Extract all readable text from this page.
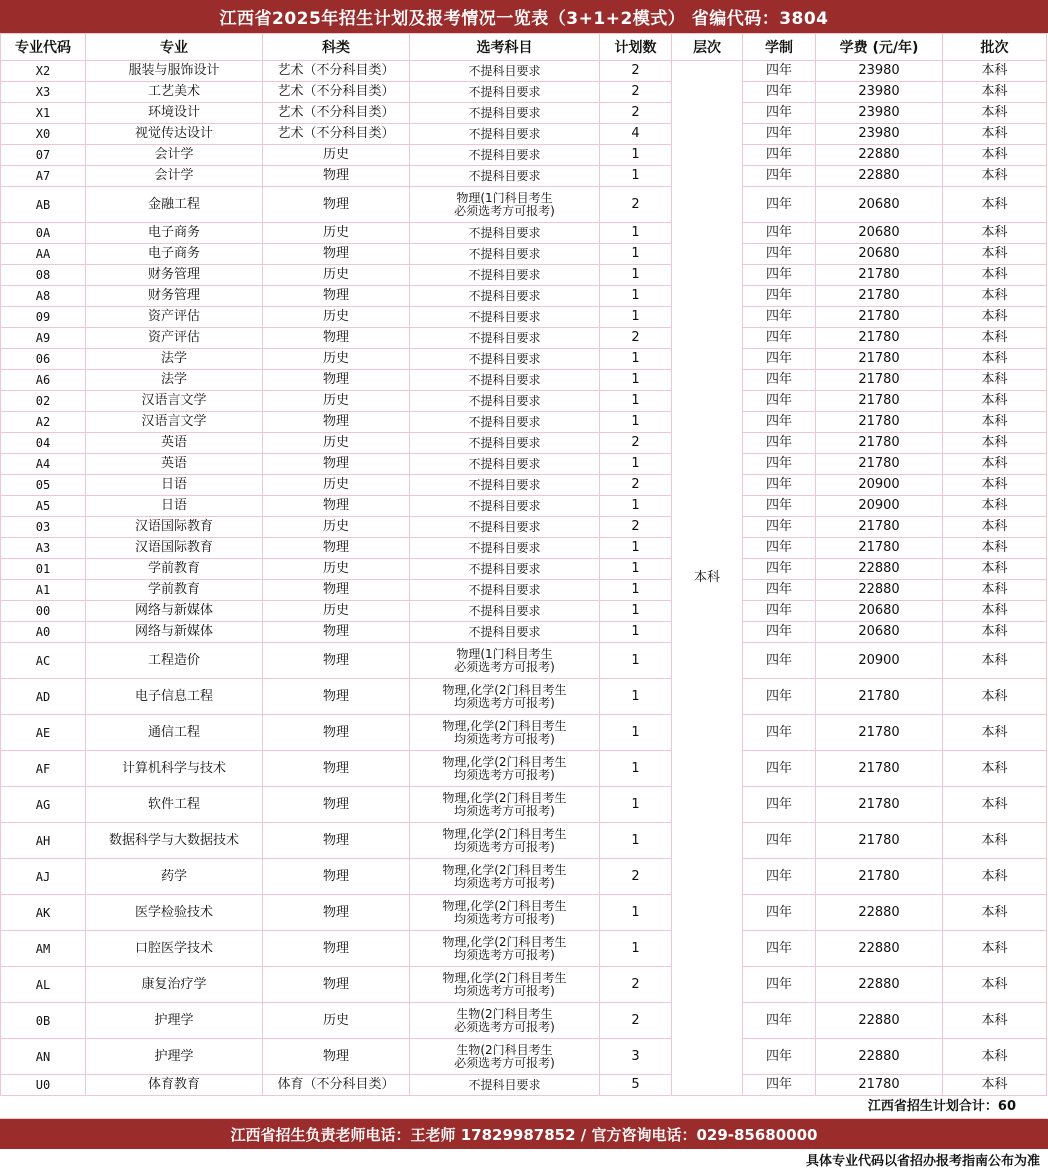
江西省2025年招生计划及报考情况一览表（3+1+2模式） 省编代码：3804
专业代码	专业	科类	选考科目	计划数	层次	学制	学费 (元/年)	批次
X2	服装与服饰设计	艺术（不分科目类）	不提科目要求	2	本科	四年	23980	本科
X3	工艺美术	艺术（不分科目类）	不提科目要求	2		四年	23980	本科
X1	环境设计	艺术（不分科目类）	不提科目要求	2		四年	23980	本科
X0	视觉传达设计	艺术（不分科目类）	不提科目要求	4		四年	23980	本科
07	会计学	历史	不提科目要求	1		四年	22880	本科
A7	会计学	物理	不提科目要求	1		四年	22880	本科
AB	金融工程	物理	物理(1门科目考生
必须选考方可报考)	2		四年	20680	本科
0A	电子商务	历史	不提科目要求	1		四年	20680	本科
AA	电子商务	物理	不提科目要求	1		四年	20680	本科
08	财务管理	历史	不提科目要求	1		四年	21780	本科
A8	财务管理	物理	不提科目要求	1		四年	21780	本科
09	资产评估	历史	不提科目要求	1		四年	21780	本科
A9	资产评估	物理	不提科目要求	2		四年	21780	本科
06	法学	历史	不提科目要求	1		四年	21780	本科
A6	法学	物理	不提科目要求	1		四年	21780	本科
02	汉语言文学	历史	不提科目要求	1		四年	21780	本科
A2	汉语言文学	物理	不提科目要求	1		四年	21780	本科
04	英语	历史	不提科目要求	2		四年	21780	本科
A4	英语	物理	不提科目要求	1		四年	21780	本科
05	日语	历史	不提科目要求	2		四年	20900	本科
A5	日语	物理	不提科目要求	1		四年	20900	本科
03	汉语国际教育	历史	不提科目要求	2		四年	21780	本科
A3	汉语国际教育	物理	不提科目要求	1		四年	21780	本科
01	学前教育	历史	不提科目要求	1		四年	22880	本科
A1	学前教育	物理	不提科目要求	1		四年	22880	本科
00	网络与新媒体	历史	不提科目要求	1		四年	20680	本科
A0	网络与新媒体	物理	不提科目要求	1		四年	20680	本科
AC	工程造价	物理	物理(1门科目考生
必须选考方可报考)	1		四年	20900	本科
AD	电子信息工程	物理	物理,化学(2门科目考生
均须选考方可报考)	1		四年	21780	本科
AE	通信工程	物理	物理,化学(2门科目考生
均须选考方可报考)	1		四年	21780	本科
AF	计算机科学与技术	物理	物理,化学(2门科目考生
均须选考方可报考)	1		四年	21780	本科
AG	软件工程	物理	物理,化学(2门科目考生
均须选考方可报考)	1		四年	21780	本科
AH	数据科学与大数据技术	物理	物理,化学(2门科目考生
均须选考方可报考)	1		四年	21780	本科
AJ	药学	物理	物理,化学(2门科目考生
均须选考方可报考)	2		四年	21780	本科
AK	医学检验技术	物理	物理,化学(2门科目考生
均须选考方可报考)	1		四年	22880	本科
AM	口腔医学技术	物理	物理,化学(2门科目考生
均须选考方可报考)	1		四年	22880	本科
AL	康复治疗学	物理	物理,化学(2门科目考生
均须选考方可报考)	2		四年	22880	本科
0B	护理学	历史	生物(2门科目考生
必须选考方可报考)	2		四年	22880	本科
AN	护理学	物理	生物(2门科目考生
必须选考方可报考)	3		四年	22880	本科
U0	体育教育	体育（不分科目类）	不提科目要求	5		四年	21780	本科
江西省招生计划合计：60								
江西省招生负责老师电话：王老师 17829987852 / 官方咨询电话：029-85680000
具体专业代码以省招办报考指南公布为准
